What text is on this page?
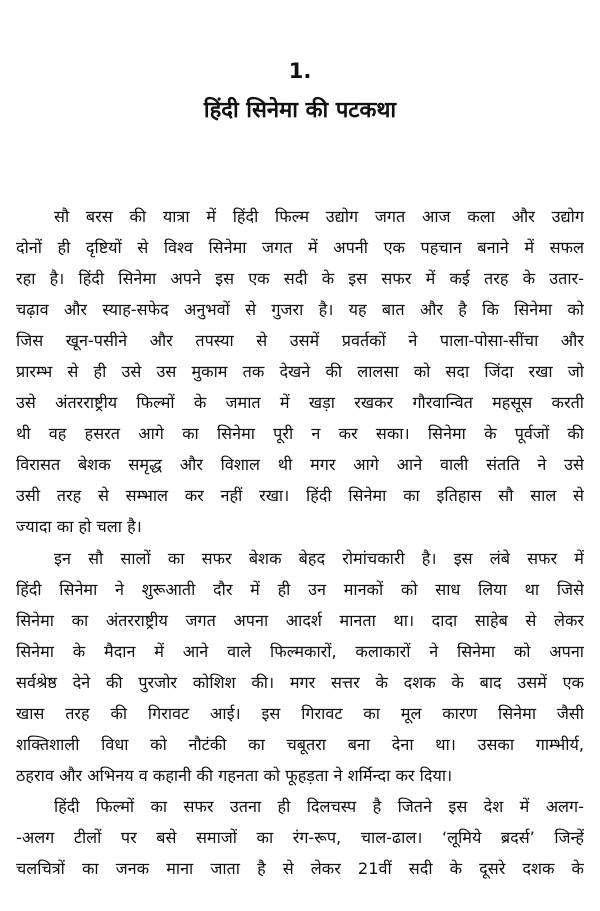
1.
हिंदी सिनेमा की पटकथा
सौ बरस की यात्रा में हिंदी फिल्म उद्योग जगत आज कला और उद्योग
दोनों ही दृष्टियों से विश्व सिनेमा जगत में अपनी एक पहचान बनाने में सफल
रहा है। हिंदी सिनेमा अपने इस एक सदी के इस सफर में कई तरह के उतार-
चढ़ाव और स्याह-सफेद अनुभवों से गुजरा है। यह बात और है कि सिनेमा को
जिस खून-पसीने और तपस्या से उसमें प्रवर्तकों ने पाला-पोसा-सींचा और
प्रारम्भ से ही उसे उस मुकाम तक देखने की लालसा को सदा जिंदा रखा जो
उसे अंतरराष्ट्रीय फिल्मों के जमात में खड़ा रखकर गौरवान्वित महसूस करती
थी वह हसरत आगे का सिनेमा पूरी न कर सका। सिनेमा के पूर्वजों की
विरासत बेशक समृद्ध और विशाल थी मगर आगे आने वाली संतति ने उसे
उसी तरह से सम्भाल कर नहीं रखा। हिंदी सिनेमा का इतिहास सौ साल से
ज्यादा का हो चला है।
इन सौ सालों का सफर बेशक बेहद रोमांचकारी है। इस लंबे सफर में
हिंदी सिनेमा ने शुरूआती दौर में ही उन मानकों को साध लिया था जिसे
सिनेमा का अंतरराष्ट्रीय जगत अपना आदर्श मानता था। दादा साहेब से लेकर
सिनेमा के मैदान में आने वाले फिल्मकारों, कलाकारों ने सिनेमा को अपना
सर्वश्रेष्ठ देने की पुरजोर कोशिश की। मगर सत्तर के दशक के बाद उसमें एक
खास तरह की गिरावट आई। इस गिरावट का मूल कारण सिनेमा जैसी
शक्तिशाली विधा को नौटंकी का चबूतरा बना देना था। उसका गाम्भीर्य,
ठहराव और अभिनय व कहानी की गहनता को फूहड़ता ने शर्मिन्दा कर दिया।
हिंदी फिल्मों का सफर उतना ही दिलचस्प है जितने इस देश में अलग-
-अलग टीलों पर बसे समाजों का रंग-रूप, चाल-ढाल। ‘लूमिये ब्रदर्स’ जिन्हें
चलचित्रों का जनक माना जाता है से लेकर 21वीं सदी के दूसरे दशक के
